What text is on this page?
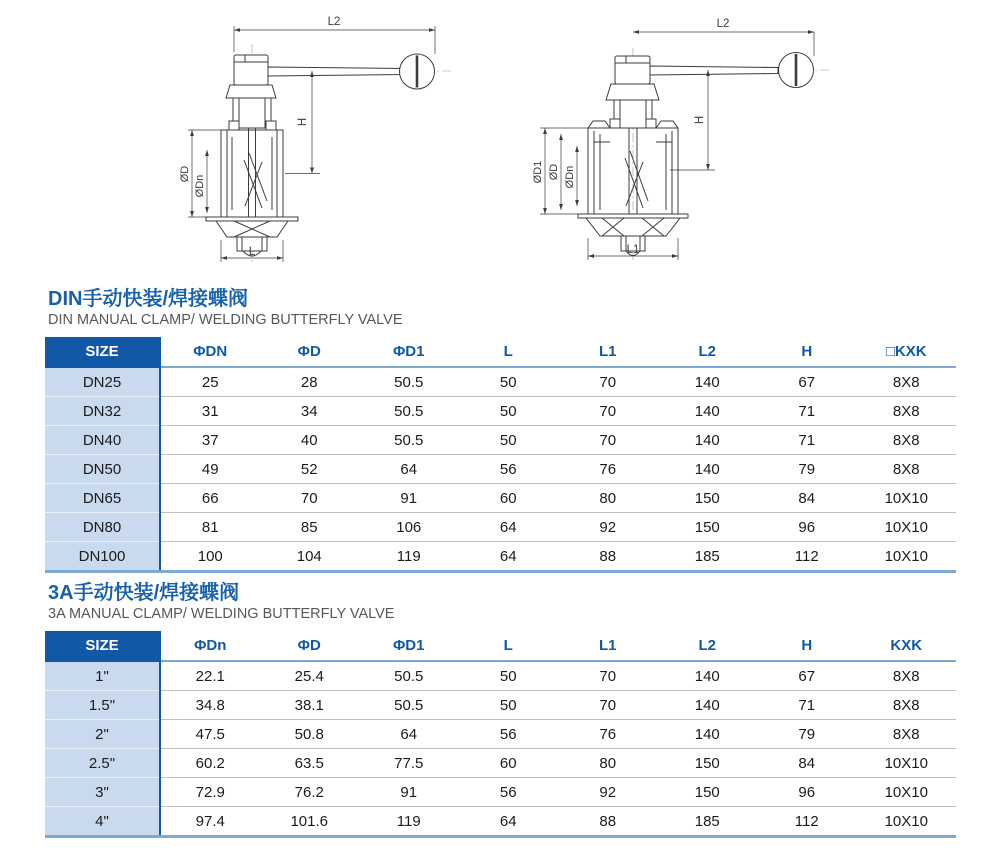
L2
H
ØD
ØDn
L
L2
H
ØD1 ØD ØDn
L1
DIN手动快装/焊接蝶阀
DIN MANUAL CLAMP/ WELDING BUTTERFLY VALVE
SIZE	ΦDN	ΦD	ΦD1	L	L1	L2	H	□KXK
DN25	25	28	50.5	50	70	140	67	8X8
DN32	31	34	50.5	50	70	140	71	8X8
DN40	37	40	50.5	50	70	140	71	8X8
DN50	49	52	64	56	76	140	79	8X8
DN65	66	70	91	60	80	150	84	10X10
DN80	81	85	106	64	92	150	96	10X10
DN100	100	104	119	64	88	185	112	10X10
3A手动快装/焊接蝶阀
3A MANUAL CLAMP/ WELDING BUTTERFLY VALVE
SIZE	ΦDn	ΦD	ΦD1	L	L1	L2	H	KXK
1"	22.1	25.4	50.5	50	70	140	67	8X8
1.5"	34.8	38.1	50.5	50	70	140	71	8X8
2"	47.5	50.8	64	56	76	140	79	8X8
2.5"	60.2	63.5	77.5	60	80	150	84	10X10
3"	72.9	76.2	91	56	92	150	96	10X10
4"	97.4	101.6	119	64	88	185	112	10X10
